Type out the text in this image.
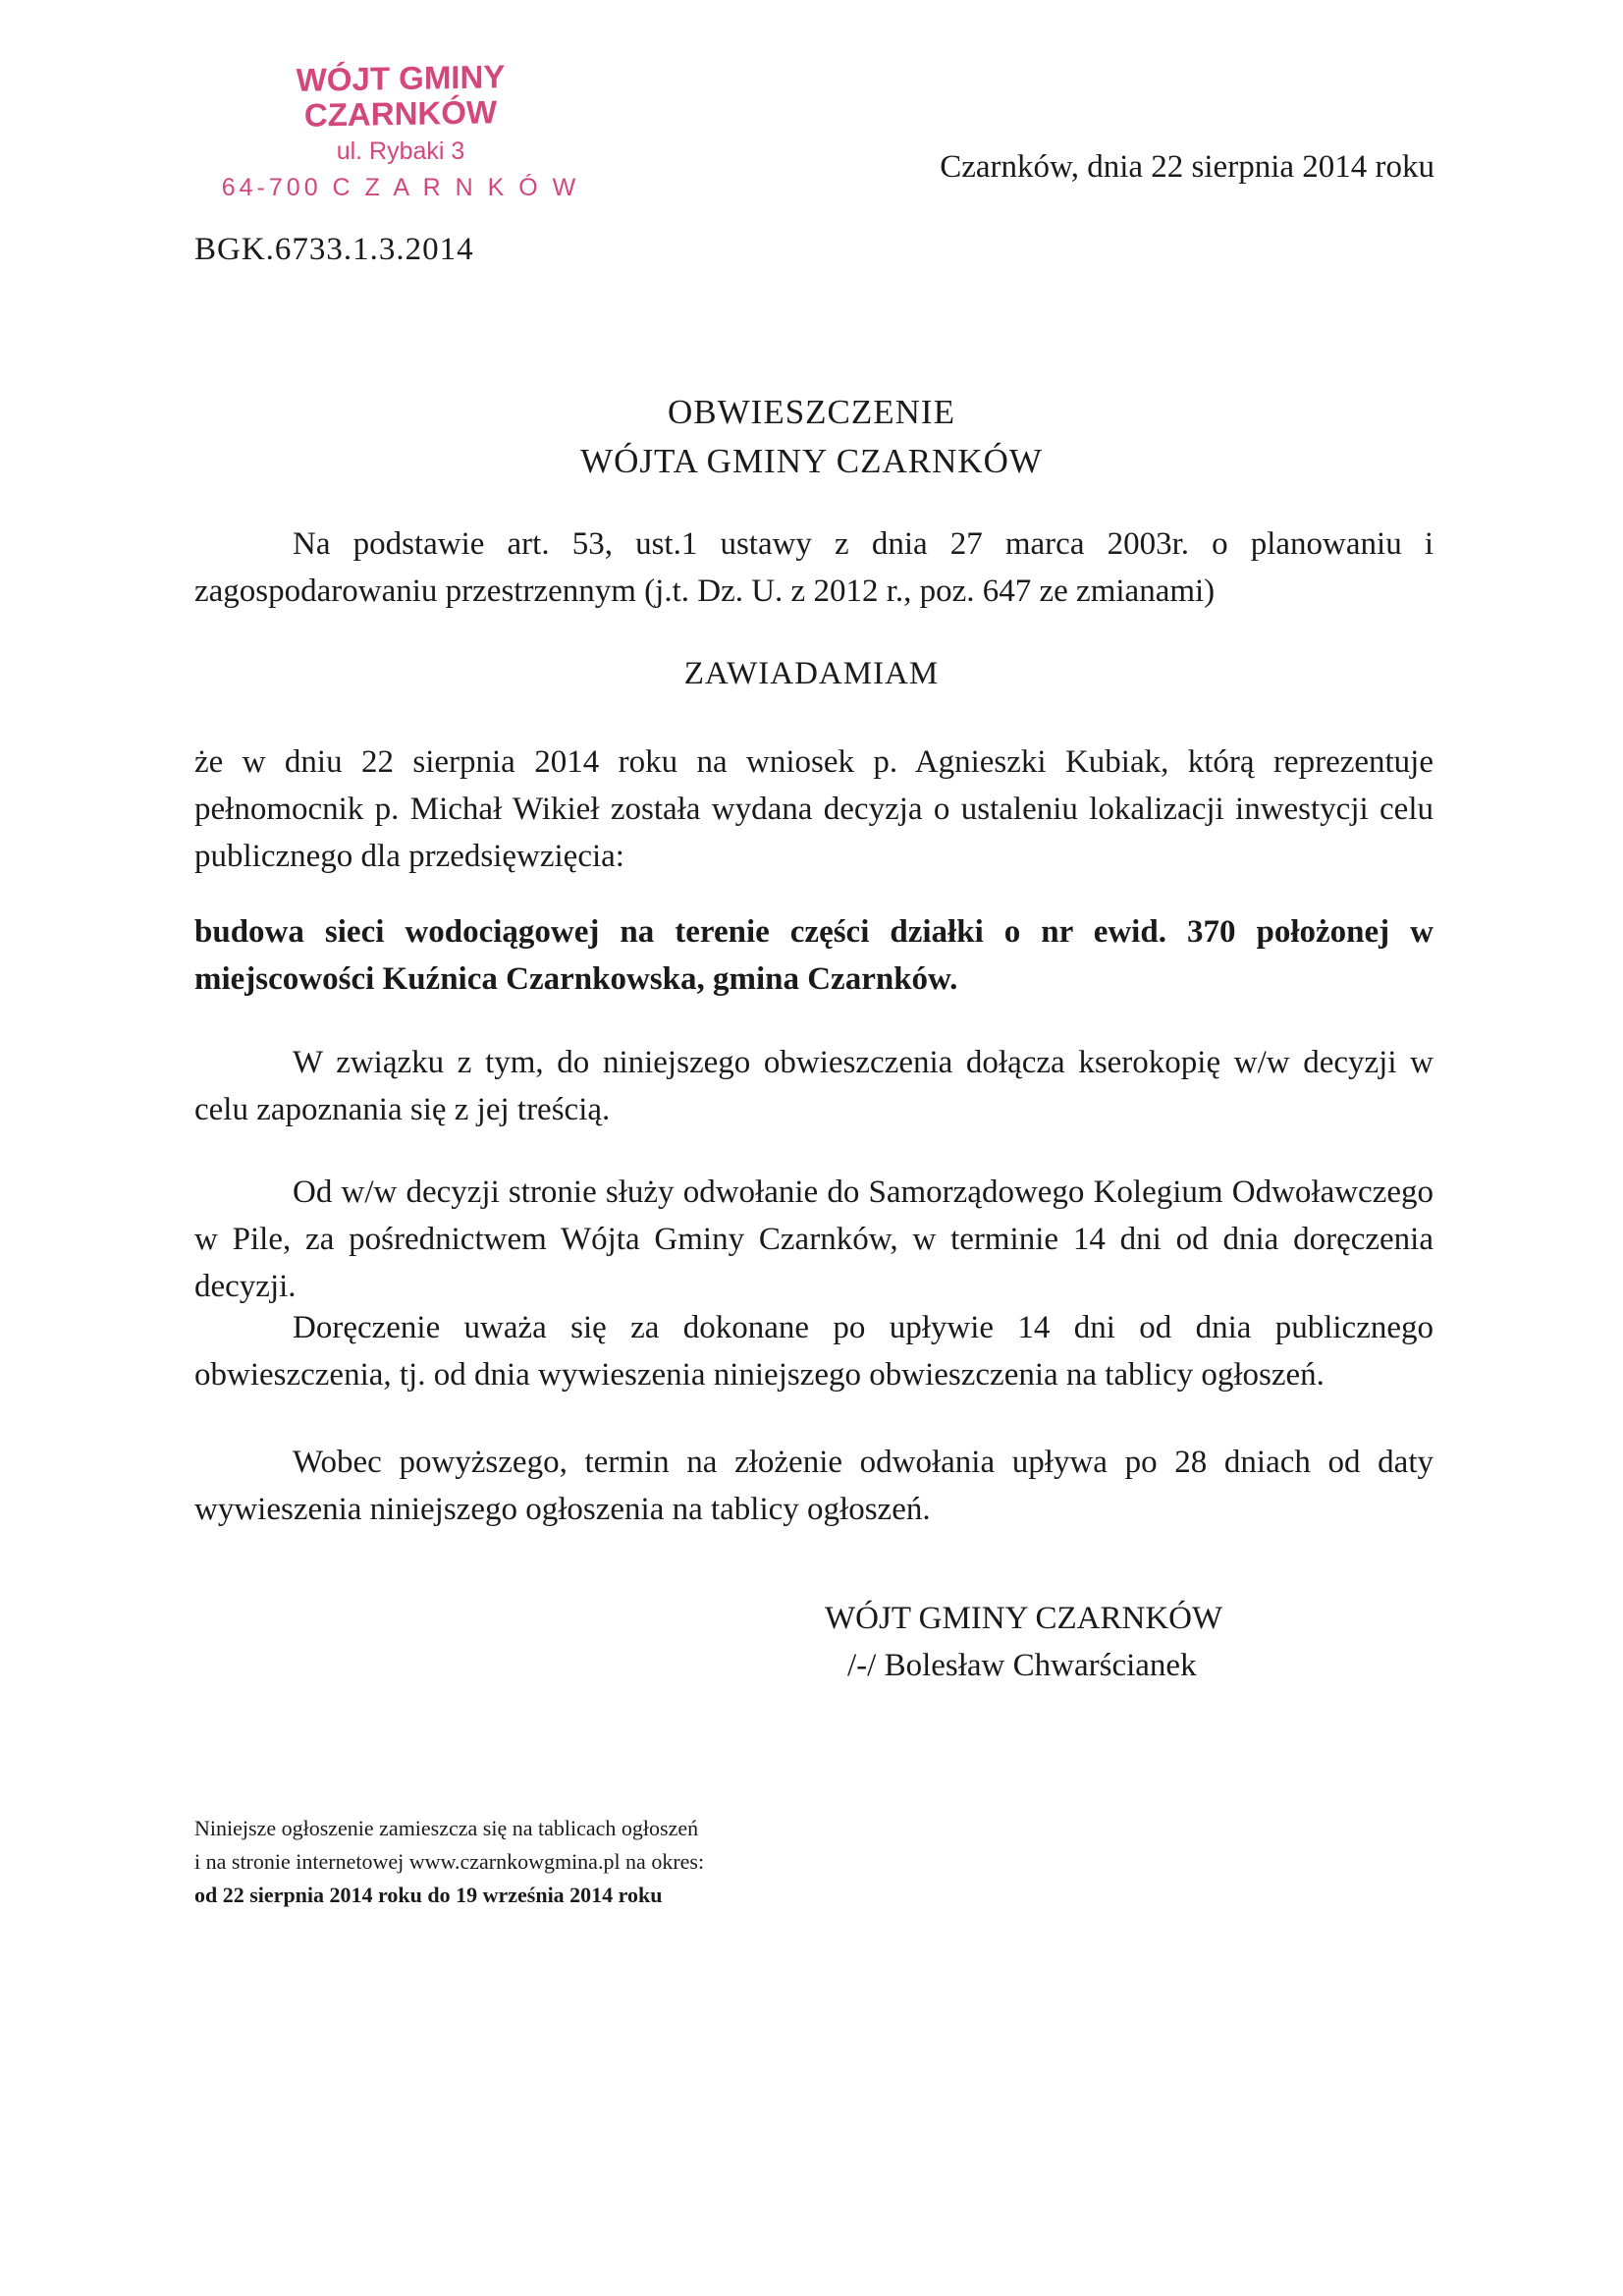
WÓJT GMINY CZARNKÓW
ul. Rybaki 3
64-700 C Z A R N K Ó W
Czarnków, dnia 22 sierpnia 2014 roku
BGK.6733.1.3.2014
OBWIESZCZENIE
WÓJTA GMINY CZARNKÓW
Na podstawie art. 53, ust.1 ustawy z dnia 27 marca 2003r. o planowaniu i zagospodarowaniu przestrzennym (j.t. Dz. U. z 2012 r., poz. 647 ze zmianami)
ZAWIADAMIAM
że w dniu 22 sierpnia 2014 roku na wniosek p. Agnieszki Kubiak, którą reprezentuje pełnomocnik p. Michał Wikieł została wydana decyzja o ustaleniu lokalizacji inwestycji celu publicznego dla przedsięwzięcia:
budowa sieci wodociągowej na terenie części działki o nr ewid. 370 położonej w miejscowości Kuźnica Czarnkowska, gmina Czarnków.
W związku z tym, do niniejszego obwieszczenia dołącza kserokopię w/w decyzji w celu zapoznania się z jej treścią.
Od w/w decyzji stronie służy odwołanie do Samorządowego Kolegium Odwoławczego w Pile, za pośrednictwem Wójta Gminy Czarnków, w terminie 14 dni od dnia doręczenia decyzji.
Doręczenie uważa się za dokonane po upływie 14 dni od dnia publicznego obwieszczenia, tj. od dnia wywieszenia niniejszego obwieszczenia na tablicy ogłoszeń.
Wobec powyższego, termin na złożenie odwołania upływa po 28 dniach od daty wywieszenia niniejszego ogłoszenia na tablicy ogłoszeń.
WÓJT GMINY CZARNKÓW
/-/ Bolesław Chwarścianek
Niniejsze ogłoszenie zamieszcza się na tablicach ogłoszeń
i na stronie internetowej www.czarnkowgmina.pl na okres:
od 22 sierpnia 2014 roku do 19 września 2014 roku
